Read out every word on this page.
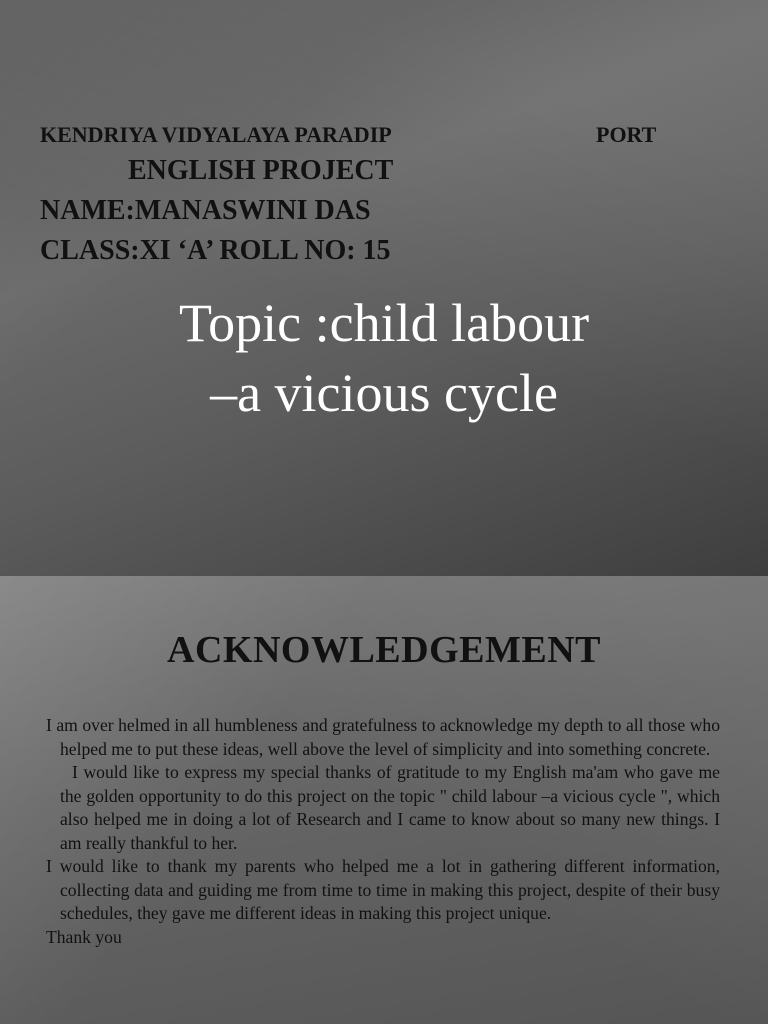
KENDRIYA VIDYALAYA PARADIP	PORT
ENGLISH PROJECT
NAME:MANASWINI DAS
CLASS:XI ‘A’ ROLL NO: 15
Topic :child labour
–a vicious cycle
ACKNOWLEDGEMENT

I am over helmed in all humbleness and gratefulness to acknowledge my depth to all those who helped me to put these ideas, well above the level of simplicity and into something concrete.

I would like to express my special thanks of gratitude to my English ma'am who gave me the golden opportunity to do this project on the topic " child labour –a vicious cycle ", which also helped me in doing a lot of Research and I came to know about so many new things. I am really thankful to her.

I would like to thank my parents who helped me a lot in gathering different information, collecting data and guiding me from time to time in making this project, despite of their busy schedules, they gave me different ideas in making this project unique.

Thank you
